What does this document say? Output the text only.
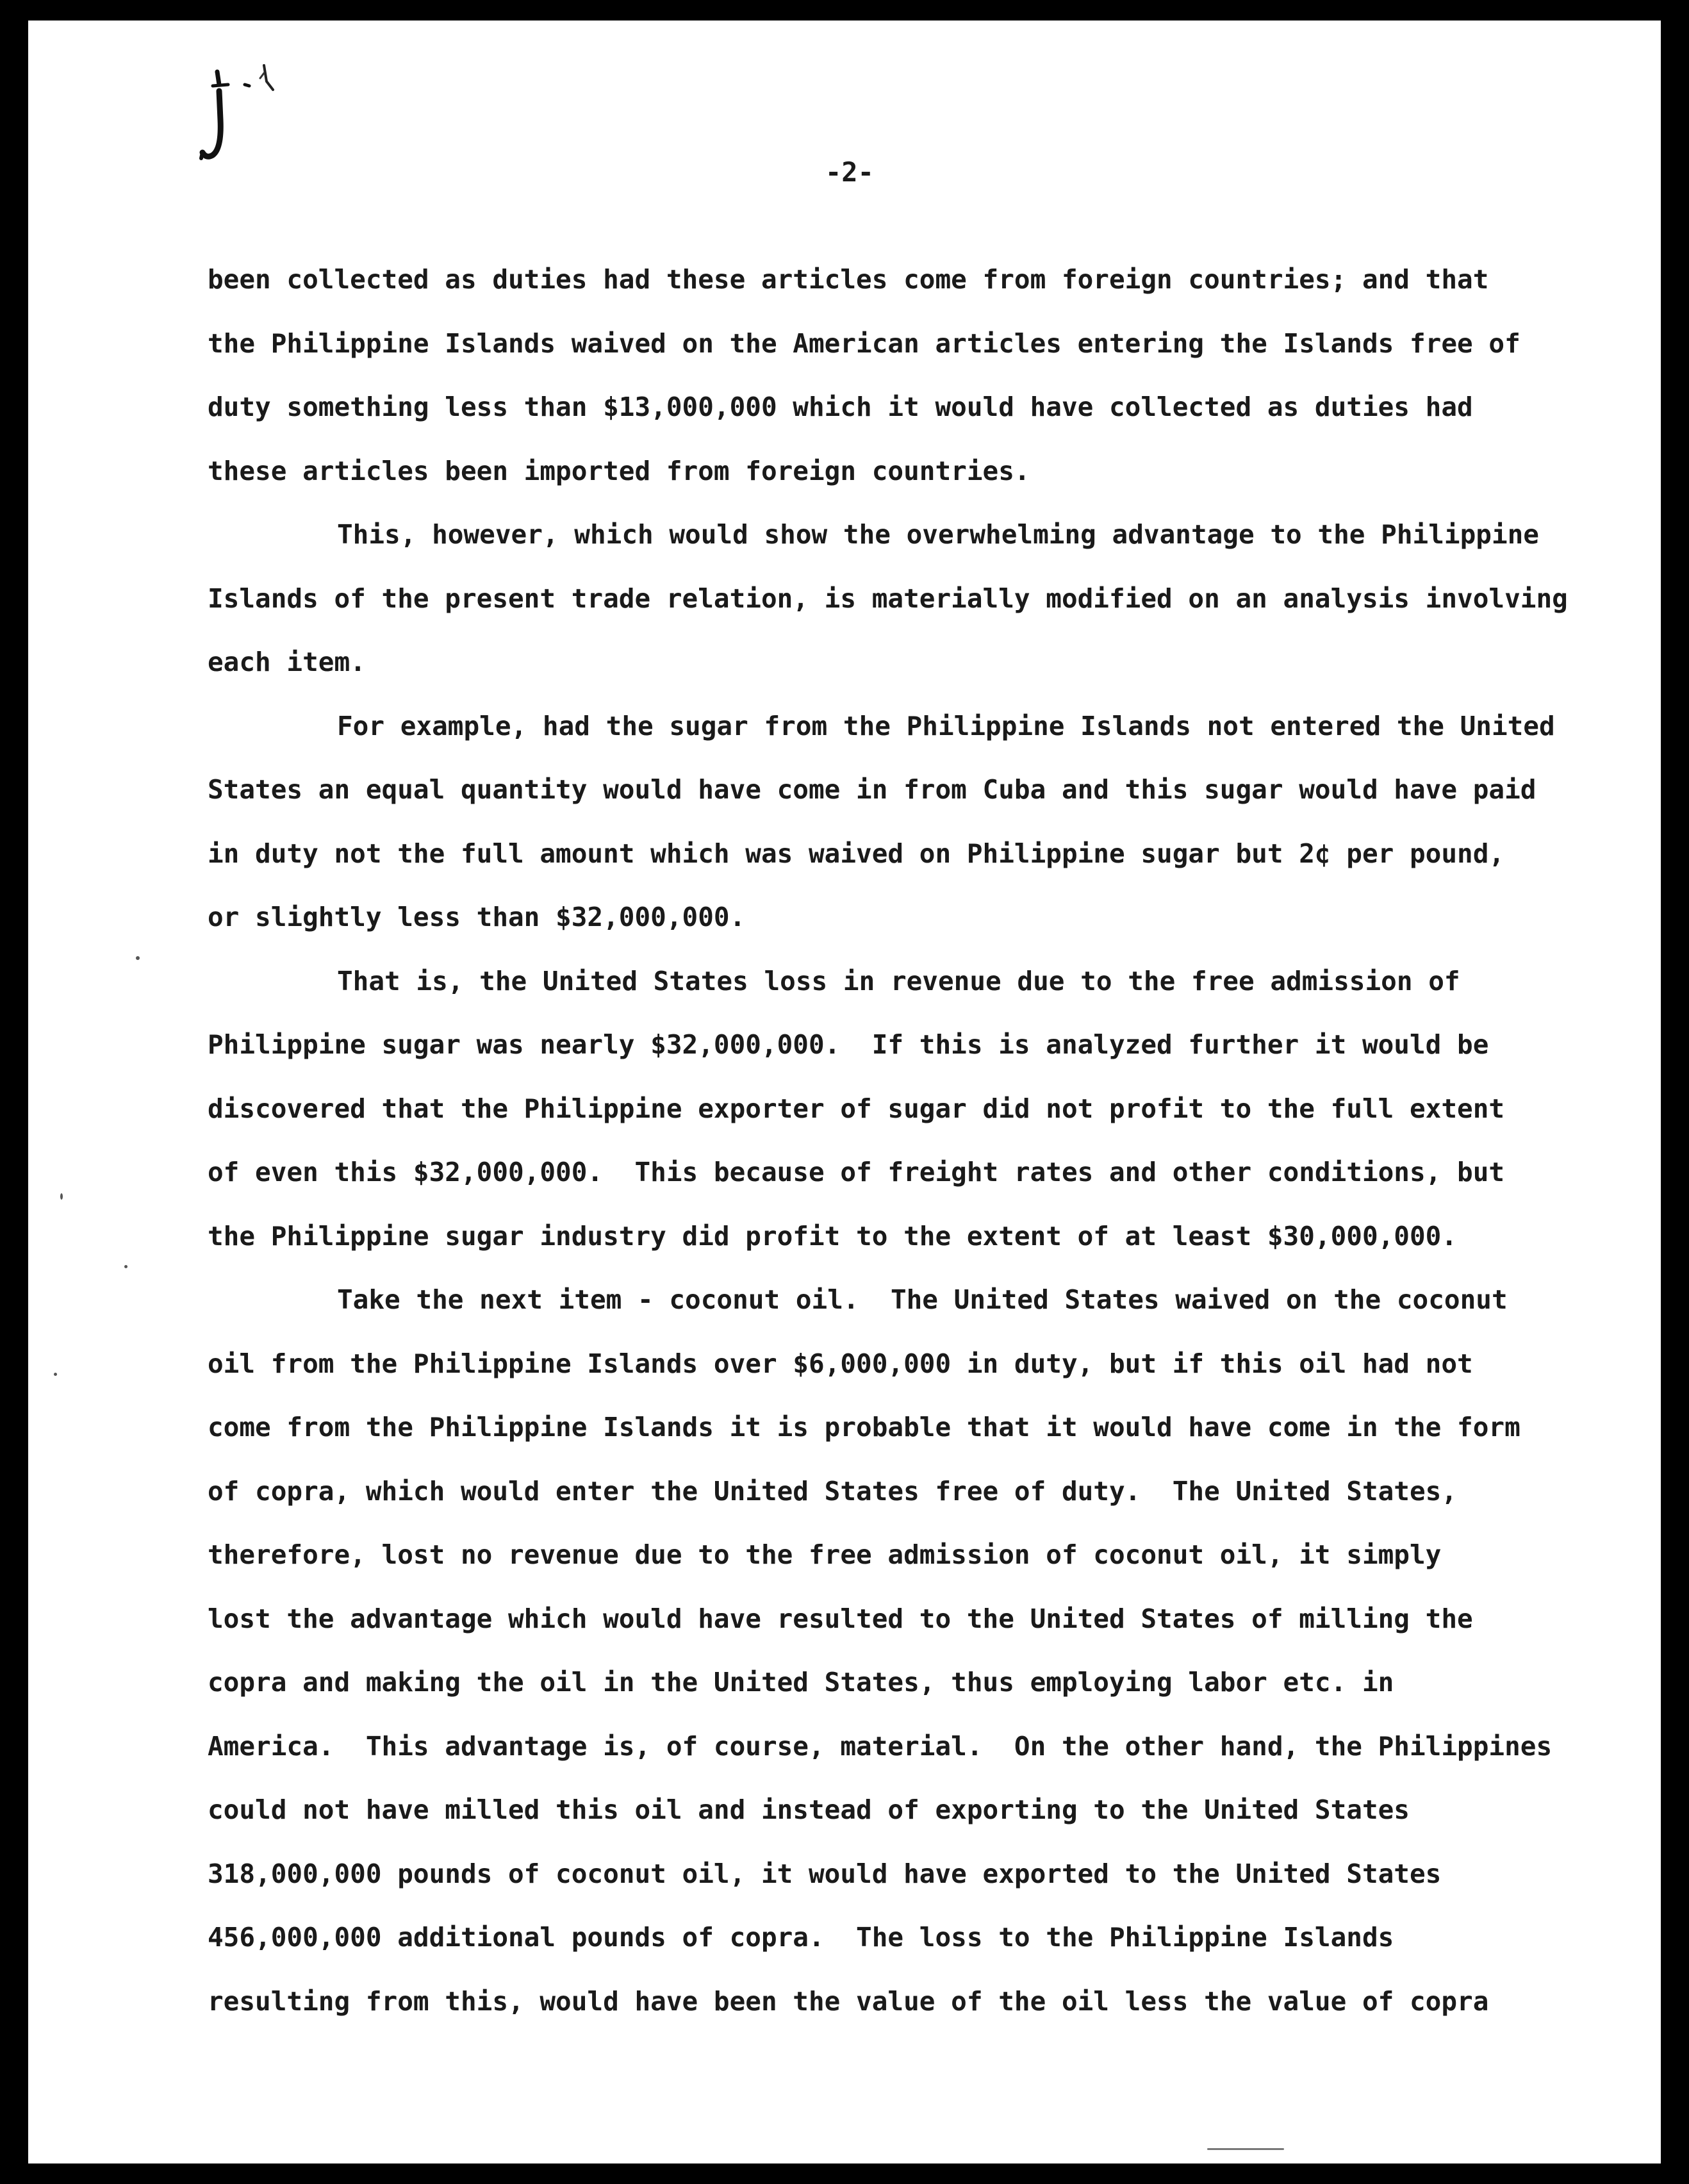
-2-
been collected as duties had these articles come from foreign countries; and that
the Philippine Islands waived on the American articles entering the Islands free of
duty something less than $13,000,000 which it would have collected as duties had
these articles been imported from foreign countries.
This, however, which would show the overwhelming advantage to the Philippine
Islands of the present trade relation, is materially modified on an analysis involving
each item.
For example, had the sugar from the Philippine Islands not entered the United
States an equal quantity would have come in from Cuba and this sugar would have paid
in duty not the full amount which was waived on Philippine sugar but 2¢ per pound,
or slightly less than $32,000,000.
That is, the United States loss in revenue due to the free admission of
Philippine sugar was nearly $32,000,000.  If this is analyzed further it would be
discovered that the Philippine exporter of sugar did not profit to the full extent
of even this $32,000,000.  This because of freight rates and other conditions, but
the Philippine sugar industry did profit to the extent of at least $30,000,000.
Take the next item - coconut oil.  The United States waived on the coconut
oil from the Philippine Islands over $6,000,000 in duty, but if this oil had not
come from the Philippine Islands it is probable that it would have come in the form
of copra, which would enter the United States free of duty.  The United States,
therefore, lost no revenue due to the free admission of coconut oil, it simply
lost the advantage which would have resulted to the United States of milling the
copra and making the oil in the United States, thus employing labor etc. in
America.  This advantage is, of course, material.  On the other hand, the Philippines
could not have milled this oil and instead of exporting to the United States
318,000,000 pounds of coconut oil, it would have exported to the United States
456,000,000 additional pounds of copra.  The loss to the Philippine Islands
resulting from this, would have been the value of the oil less the value of copra
